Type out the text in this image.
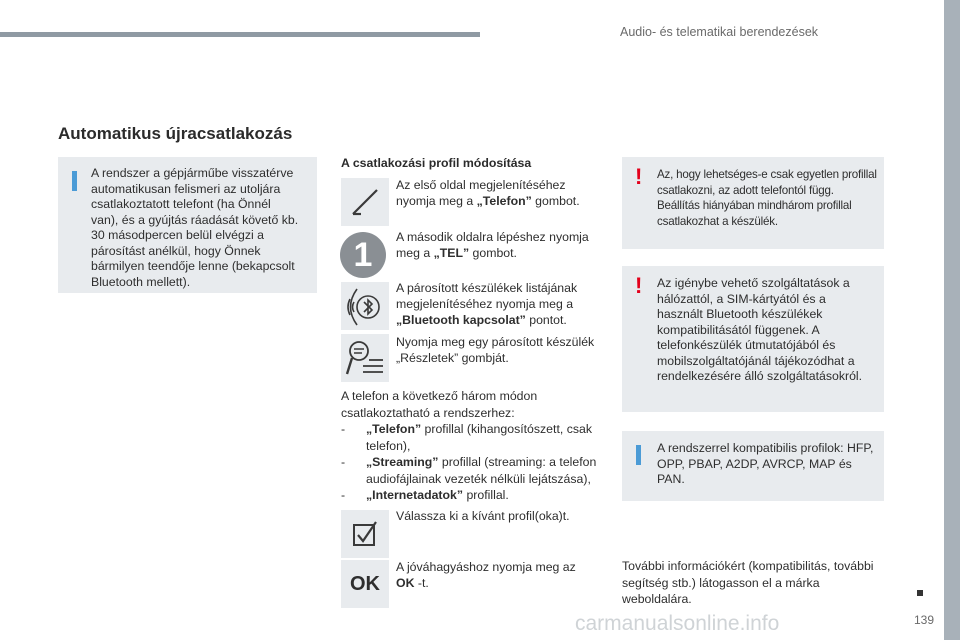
Audio- és telematikai berendezések
139
carmanualsonline.info
Automatikus újracsatlakozás

A rendszer a gépjárműbe visszatérve automatikusan felismeri az utoljára csatlakoztatott telefont (ha Önnél van), és a gyújtás ráadását követő kb. 30 másodpercen belül elvégzi a párosítást anélkül, hogy Önnek bármilyen teendője lenne (bekapcsolt Bluetooth mellett).

A csatlakozási profil módosítása
Az első oldal megjelenítéséhez nyomja meg a „Telefon” gombot.
1 A második oldalra lépéshez nyomja meg a „TEL” gombot.
A párosított készülékek listájának megjelenítéséhez nyomja meg a „Bluetooth kapcsolat” pontot.
Nyomja meg egy párosított készülék „Részletek” gombját.
A telefon a következő három módon csatlakoztatható a rendszerhez:
- „Telefon” profillal (kihangosítószett, csak telefon),
- „Streaming” profillal (streaming: a telefon audiofájlainak vezeték nélküli lejátszása),
- „Internetadatok” profillal.
Válassza ki a kívánt profil(oka)t.
OK
A jóváhagyáshoz nyomja meg az OK -t.
! Az, hogy lehetséges-e csak egyetlen profillal csatlakozni, az adott telefontól függ. Beállítás hiányában mindhárom profillal csatlakozhat a készülék.

! Az igénybe vehető szolgáltatások a hálózattól, a SIM-kártyától és a használt Bluetooth készülékek kompatibilitásától függenek. A telefonkészülék útmutatójából és mobilszolgáltatójánál tájékozódhat a rendelkezésére álló szolgáltatásokról.

A rendszerrel kompatibilis profilok: HFP, OPP, PBAP, A2DP, AVRCP, MAP és PAN.

További információkért (kompatibilitás, további segítség stb.) látogasson el a márka weboldalára.
